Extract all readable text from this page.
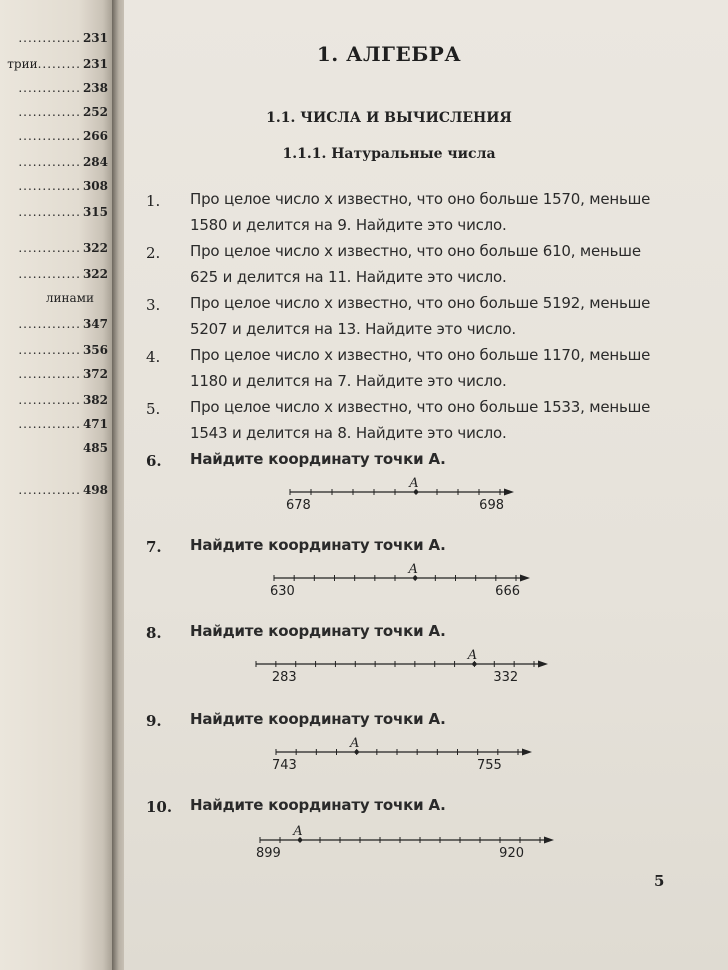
............. 231
трии......... 231
............. 238
............. 252
............. 266
............. 284
............. 308
............. 315
............. 322
............. 322
линами
............. 347
............. 356
............. 372
............. 382
............. 471
485
............. 498
1. АЛГЕБРА
1.1. ЧИСЛА И ВЫЧИСЛЕНИЯ
1.1.1. Натуральные числа
1. Про целое число x известно, что оно больше 1570, меньше 1580 и делится на 9. Найдите это число.
2. Про целое число x известно, что оно больше 610, меньше 625 и делится на 11. Найдите это число.
3. Про целое число x известно, что оно больше 5192, меньше 5207 и делится на 13. Найдите это число.
4. Про целое число x известно, что оно больше 1170, меньше 1180 и делится на 7. Найдите это число.
5. Про целое число x известно, что оно больше 1533, меньше 1543 и делится на 8. Найдите это число.
6. Найдите координату точки A.
678	698
A
7. Найдите координату точки A.
630	666
A
8. Найдите координату точки A.
283	332
A
9. Найдите координату точки A.
743	755
A
10. Найдите координату точки A.
899	920
A
5
